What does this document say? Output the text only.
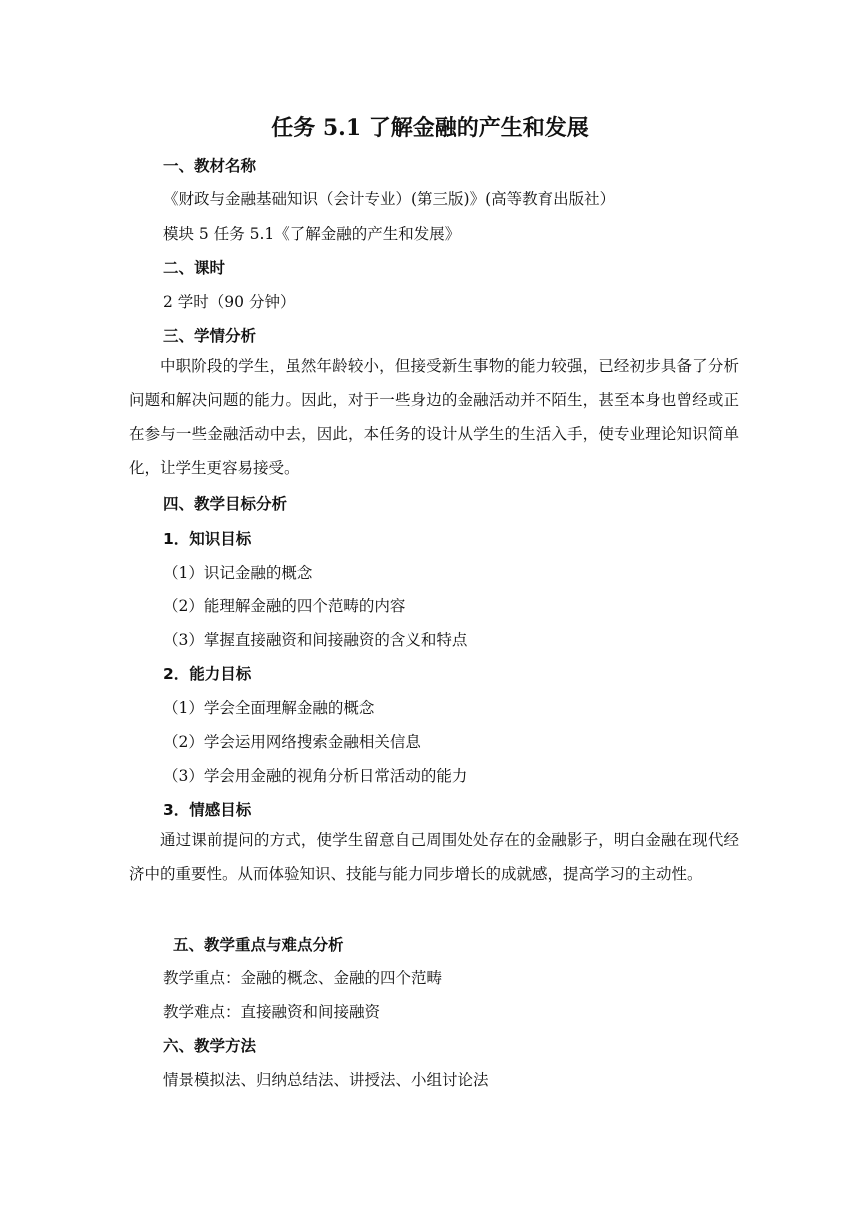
任务 5.1 了解金融的产生和发展
一、教材名称
《财政与金融基础知识（会计专业）(第三版)》(高等教育出版社）
模块 5 任务 5.1《了解金融的产生和发展》
二、课时
2 学时（90 分钟）
三、学情分析
中职阶段的学生，虽然年龄较小，但接受新生事物的能力较强，已经初步具备了分析问题和解决问题的能力。因此，对于一些身边的金融活动并不陌生，甚至本身也曾经或正在参与一些金融活动中去，因此，本任务的设计从学生的生活入手，使专业理论知识简单化，让学生更容易接受。
四、教学目标分析
1．知识目标
（1）识记金融的概念
（2）能理解金融的四个范畴的内容
（3）掌握直接融资和间接融资的含义和特点
2．能力目标
（1）学会全面理解金融的概念
（2）学会运用网络搜索金融相关信息
（3）学会用金融的视角分析日常活动的能力
3．情感目标
通过课前提问的方式，使学生留意自己周围处处存在的金融影子，明白金融在现代经济中的重要性。从而体验知识、技能与能力同步增长的成就感，提高学习的主动性。
五、教学重点与难点分析
教学重点：金融的概念、金融的四个范畴
教学难点：直接融资和间接融资
六、教学方法
情景模拟法、归纳总结法、讲授法、小组讨论法
